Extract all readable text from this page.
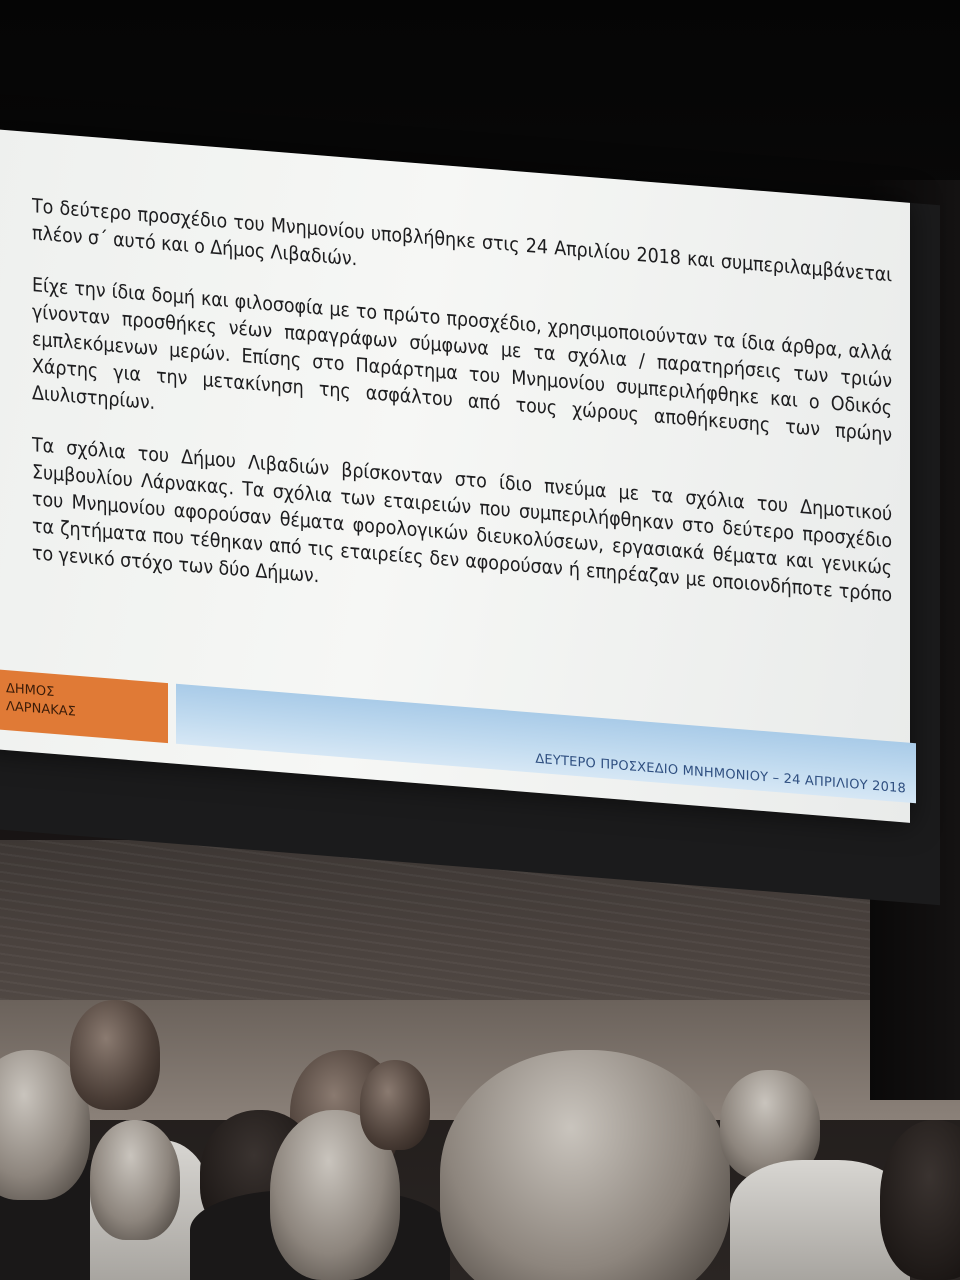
Το δεύτερο προσχέδιο του Μνημονίου υποβλήθηκε στις 24 Απριλίου 2018 και συμπεριλαμβάνεται πλέον σ΄ αυτό και ο Δήμος Λιβαδιών.

Είχε την ίδια δομή και φιλοσοφία με το πρώτο προσχέδιο, χρησιμοποιούνταν τα ίδια άρθρα, αλλά γίνονταν προσθήκες νέων παραγράφων σύμφωνα με τα σχόλια / παρατηρήσεις των τριών εμπλεκόμενων μερών. Επίσης στο Παράρτημα του Μνημονίου συμπεριλήφθηκε και ο Οδικός Χάρτης για την μετακίνηση της ασφάλτου από τους χώρους αποθήκευσης των πρώην Διυλιστηρίων.

Τα σχόλια του Δήμου Λιβαδιών βρίσκονταν στο ίδιο πνεύμα με τα σχόλια του Δημοτικού Συμβουλίου Λάρνακας. Τα σχόλια των εταιρειών που συμπεριλήφθηκαν στο δεύτερο προσχέδιο του Μνημονίου αφορούσαν θέματα φορολογικών διευκολύσεων, εργασιακά θέματα και γενικώς τα ζητήματα που τέθηκαν από τις εταιρείες δεν αφορούσαν ή επηρέαζαν με οποιονδήποτε τρόπο το γενικό στόχο των δύο Δήμων.

ΔΗΜΟΣ
ΛΑΡΝΑΚΑΣ
ΔΕΥΤΕΡΟ ΠΡΟΣΧΕΔΙΟ ΜΝΗΜΟΝΙΟΥ – 24 ΑΠΡΙΛΙΟΥ 2018
